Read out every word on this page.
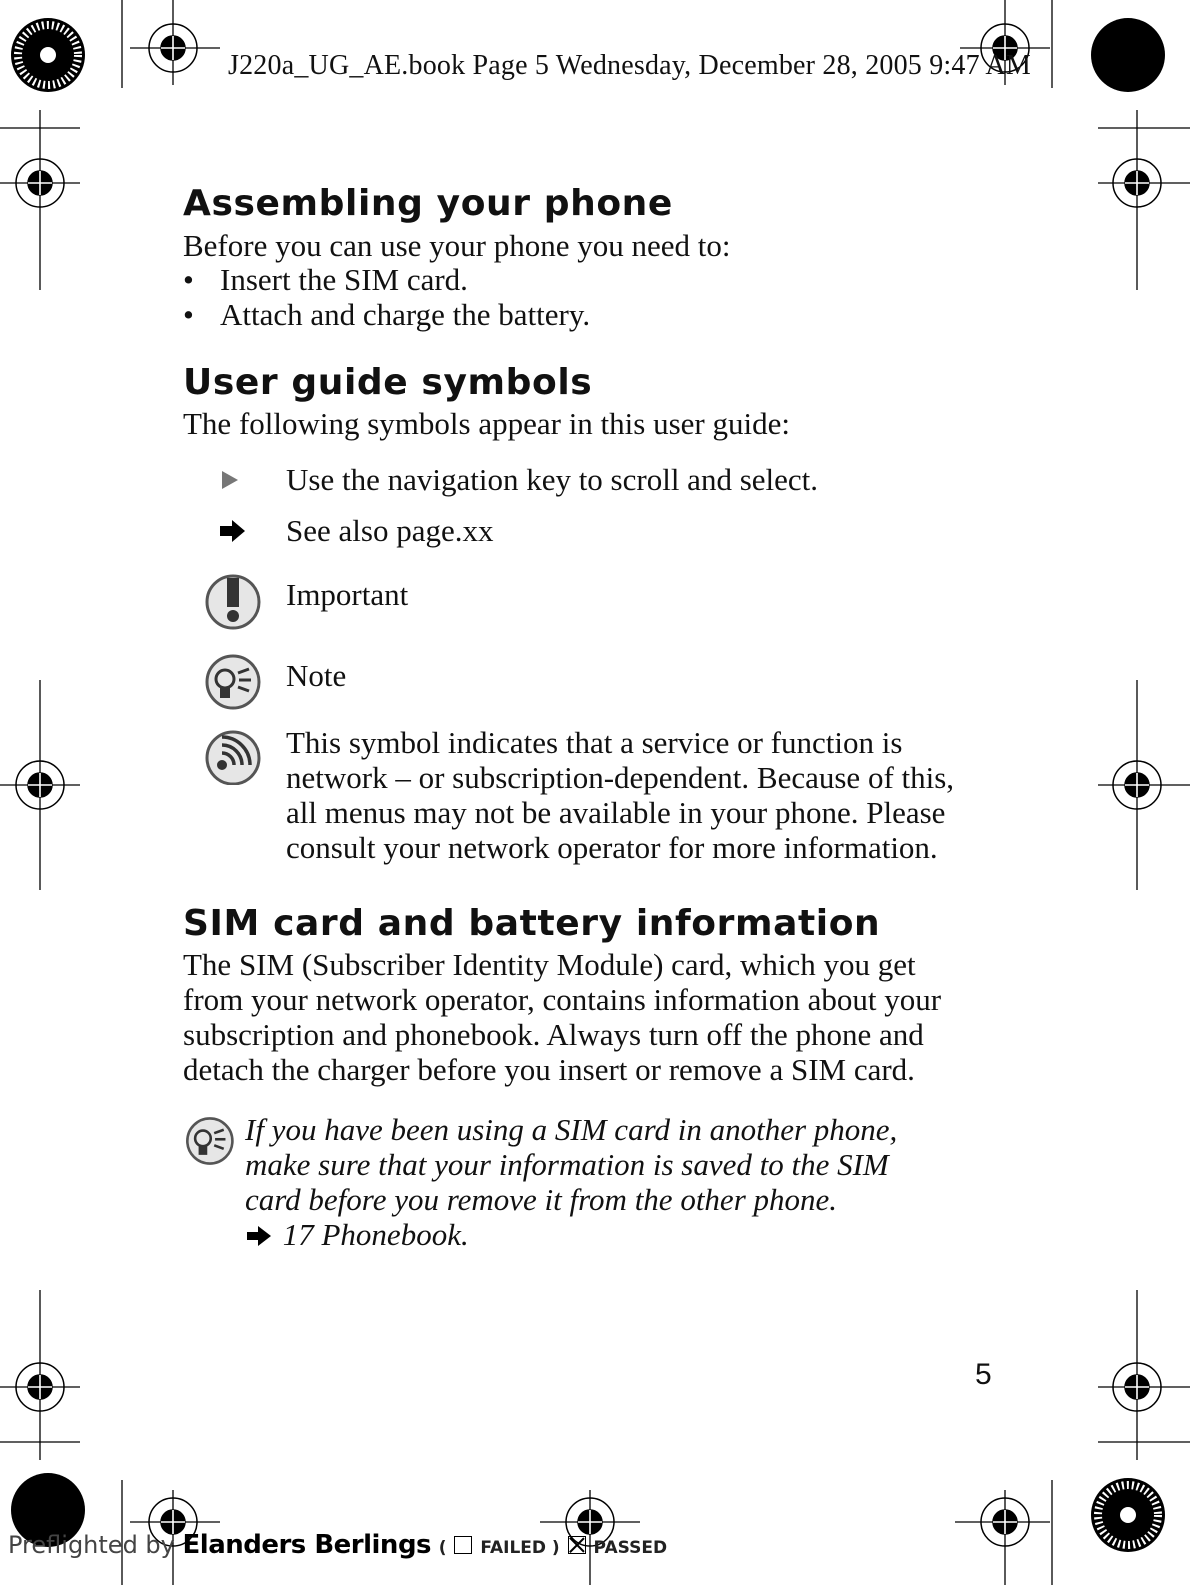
J220a_UG_AE.book Page 5 Wednesday, December 28, 2005 9:47 AM
Assembling your phone
Before you can use your phone you need to:
• Insert the SIM card.
• Attach and charge the battery.
User guide symbols
The following symbols appear in this user guide:
Use the navigation key to scroll and select.
See also page.xx
Important
Note
This symbol indicates that a service or function is
network – or subscription-dependent. Because of this,
all menus may not be available in your phone. Please
consult your network operator for more information.
SIM card and battery information
The SIM (Subscriber Identity Module) card, which you get
from your network operator, contains information about your
subscription and phonebook. Always turn off the phone and
detach the charger before you insert or remove a SIM card.
If you have been using a SIM card in another phone,
make sure that your information is saved to the SIM
card before you remove it from the other phone.
17 Phonebook.
5
Preflighted by Elanders Berlings (  FAILED )  PASSED
